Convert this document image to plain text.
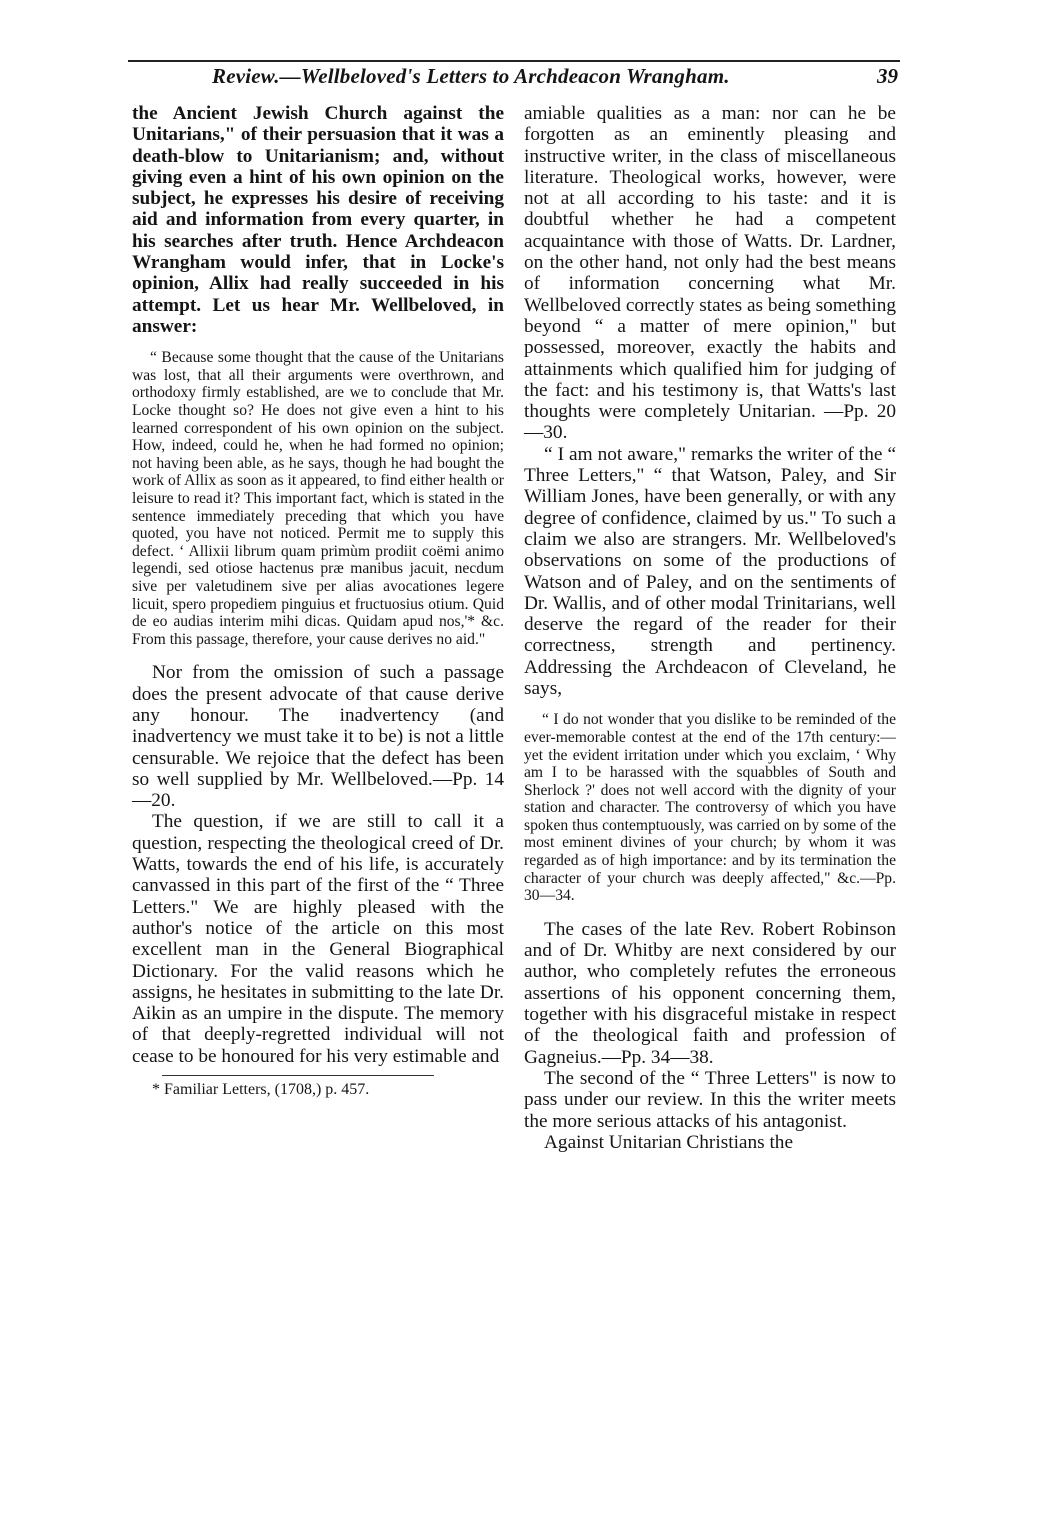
Review.—Wellbeloved's Letters to Archdeacon Wrangham.	39

the Ancient Jewish Church against the Unitarians," of their persuasion that it was a death-blow to Unitarianism; and, without giving even a hint of his own opinion on the subject, he expresses his desire of receiving aid and information from every quarter, in his searches after truth. Hence Archdeacon Wrangham would infer, that in Locke's opinion, Allix had really succeeded in his attempt. Let us hear Mr. Wellbeloved, in answer:

“ Because some thought that the cause of the Unitarians was lost, that all their arguments were overthrown, and orthodoxy firmly established, are we to conclude that Mr. Locke thought so? He does not give even a hint to his learned correspondent of his own opinion on the subject. How, indeed, could he, when he had formed no opinion; not having been able, as he says, though he had bought the work of Allix as soon as it appeared, to find either health or leisure to read it? This important fact, which is stated in the sentence immediately preceding that which you have quoted, you have not noticed. Permit me to supply this defect. ‘ Allixii librum quam primùm prodiit coëmi animo legendi, sed otiose hactenus præ manibus jacuit, necdum sive per valetudinem sive per alias avocationes legere licuit, spero propediem pinguius et fructuosius otium. Quid de eo audias interim mihi dicas. Quidam apud nos,'* &c. From this passage, therefore, your cause derives no aid."

Nor from the omission of such a passage does the present advocate of that cause derive any honour. The inadvertency (and inadvertency we must take it to be) is not a little censurable. We rejoice that the defect has been so well supplied by Mr. Wellbeloved.—Pp. 14—20.

The question, if we are still to call it a question, respecting the theological creed of Dr. Watts, towards the end of his life, is accurately canvassed in this part of the first of the “ Three Letters." We are highly pleased with the author's notice of the article on this most excellent man in the General Biographical Dictionary. For the valid reasons which he assigns, he hesitates in submitting to the late Dr. Aikin as an umpire in the dispute. The memory of that deeply-regretted individual will not cease to be honoured for his very estimable and

* Familiar Letters, (1708,) p. 457.

amiable qualities as a man: nor can he be forgotten as an eminently pleasing and instructive writer, in the class of miscellaneous literature. Theological works, however, were not at all according to his taste: and it is doubtful whether he had a competent acquaintance with those of Watts. Dr. Lardner, on the other hand, not only had the best means of information concerning what Mr. Wellbeloved correctly states as being something beyond “ a matter of mere opinion," but possessed, moreover, exactly the habits and attainments which qualified him for judging of the fact: and his testimony is, that Watts's last thoughts were completely Unitarian. —Pp. 20—30.

“ I am not aware," remarks the writer of the “ Three Letters," “ that Watson, Paley, and Sir William Jones, have been generally, or with any degree of confidence, claimed by us." To such a claim we also are strangers. Mr. Wellbeloved's observations on some of the productions of Watson and of Paley, and on the sentiments of Dr. Wallis, and of other modal Trinitarians, well deserve the regard of the reader for their correctness, strength and pertinency. Addressing the Archdeacon of Cleveland, he says,

“ I do not wonder that you dislike to be reminded of the ever-memorable contest at the end of the 17th century:— yet the evident irritation under which you exclaim, ‘ Why am I to be harassed with the squabbles of South and Sherlock ?' does not well accord with the dignity of your station and character. The controversy of which you have spoken thus contemptuously, was carried on by some of the most eminent divines of your church; by whom it was regarded as of high importance: and by its termination the character of your church was deeply affected," &c.—Pp. 30—34.

The cases of the late Rev. Robert Robinson and of Dr. Whitby are next considered by our author, who completely refutes the erroneous assertions of his opponent concerning them, together with his disgraceful mistake in respect of the theological faith and profession of Gagneius.—Pp. 34—38.

The second of the “ Three Letters" is now to pass under our review. In this the writer meets the more serious attacks of his antagonist.

Against Unitarian Christians the
